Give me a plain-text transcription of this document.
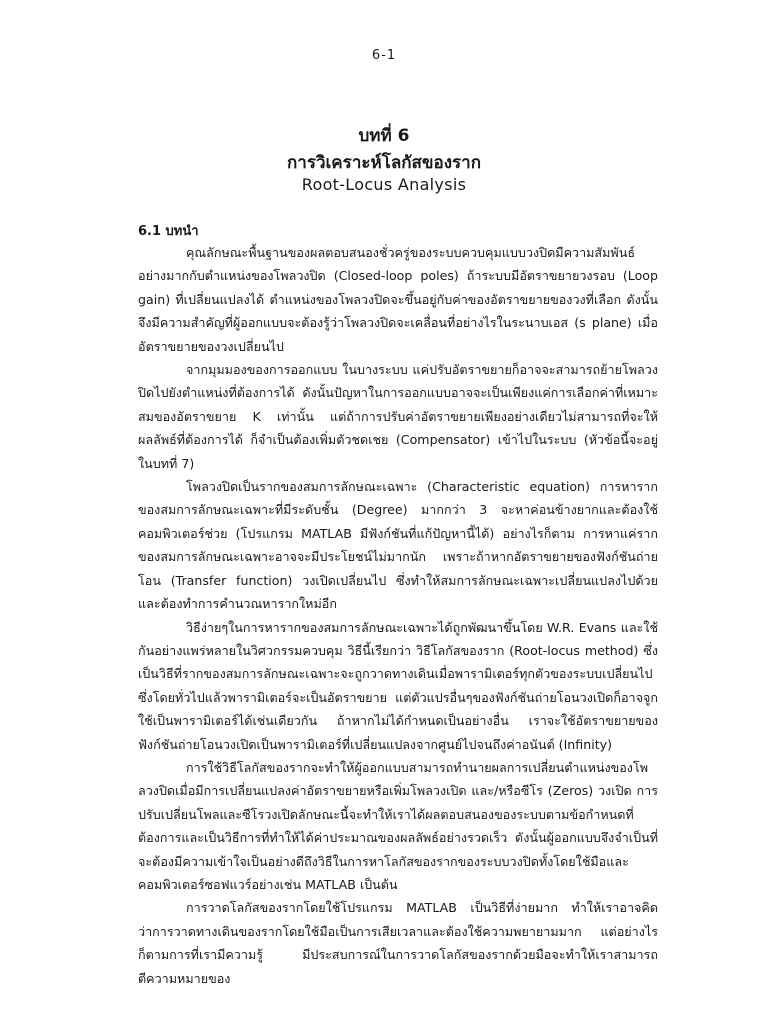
6-1
บทที่ 6
การวิเคราะห์โลกัสของราก
Root-Locus Analysis
6.1 บทนำ

คุณลักษณะพื้นฐานของผลตอบสนองชั่วครู่ของระบบควบคุมแบบวงปิดมีความสัมพันธ์อย่างมากกับตำแหน่งของโพลวงปิด (Closed-loop poles) ถ้าระบบมีอัตราขยายวงรอบ (Loop gain) ที่เปลี่ยนแปลงได้ ตำแหน่งของโพลวงปิดจะขึ้นอยู่กับค่าของอัตราขยายของวงที่เลือก ดังนั้นจึงมีความสำคัญที่ผู้ออกแบบจะต้องรู้ว่าโพลวงปิดจะเคลื่อนที่อย่างไรในระนาบเอส (s plane) เมื่ออัตราขยายของวงเปลี่ยนไป

จากมุมมองของการออกแบบ ในบางระบบ แค่ปรับอัตราขยายก็อาจจะสามารถย้ายโพลวงปิดไปยังตำแหน่งที่ต้องการได้ ดังนั้นปัญหาในการออกแบบอาจจะเป็นเพียงแค่การเลือกค่าที่เหมาะสมของอัตราขยาย K เท่านั้น แต่ถ้าการปรับค่าอัตราขยายเพียงอย่างเดียวไม่สามารถที่จะให้ผลลัพธ์ที่ต้องการได้ ก็จำเป็นต้องเพิ่มตัวชดเชย (Compensator) เข้าไปในระบบ (หัวข้อนี้จะอยู่ในบทที่ 7)

โพลวงปิดเป็นรากของสมการลักษณะเฉพาะ (Characteristic equation) การหารากของสมการลักษณะเฉพาะที่มีระดับชั้น (Degree) มากกว่า 3 จะหาค่อนข้างยากและต้องใช้คอมพิวเตอร์ช่วย (โปรแกรม MATLAB มีฟังก์ชันที่แก้ปัญหานี้ได้) อย่างไรก็ตาม การหาแค่รากของสมการลักษณะเฉพาะอาจจะมีประโยชน์ไม่มากนัก เพราะถ้าหากอัตราขยายของฟังก์ชันถ่ายโอน (Transfer function) วงเปิดเปลี่ยนไป ซึ่งทำให้สมการลักษณะเฉพาะเปลี่ยนแปลงไปด้วย และต้องทำการคำนวณหารากใหม่อีก

วิธีง่ายๆในการหารากของสมการลักษณะเฉพาะได้ถูกพัฒนาขึ้นโดย W.R. Evans และใช้กันอย่างแพร่หลายในวิศวกรรมควบคุม วิธีนี้เรียกว่า วิธีโลกัสของราก (Root-locus method) ซึ่งเป็นวิธีที่รากของสมการลักษณะเฉพาะจะถูกวาดทางเดินเมื่อพารามิเตอร์ทุกตัวของระบบเปลี่ยนไป ซึ่งโดยทั่วไปแล้วพารามิเตอร์จะเป็นอัตราขยาย แต่ตัวแปรอื่นๆของฟังก์ชันถ่ายโอนวงเปิดก็อาจจูกใช้เป็นพารามิเตอร์ได้เช่นเดียวกัน ถ้าหากไม่ได้กำหนดเป็นอย่างอื่น เราจะใช้อัตราขยายของฟังก์ชันถ่ายโอนวงเปิดเป็นพารามิเตอร์ที่เปลี่ยนแปลงจากศูนย์ไปจนถึงค่าอนันต์ (Infinity)

การใช้วิธีโลกัสของรากจะทำให้ผู้ออกแบบสามารถทำนายผลการเปลี่ยนตำแหน่งของโพลวงปิดเมื่อมีการเปลี่ยนแปลงค่าอัตราขยายหรือเพิ่มโพลวงเปิด และ/หรือซีโร (Zeros) วงเปิด การปรับเปลี่ยนโพลและซีโรวงเปิดลักษณะนี้จะทำให้เราได้ผลตอบสนองของระบบตามข้อกำหนดที่ต้องการและเป็นวิธีการที่ทำให้ได้ค่าประมาณของผลลัพธ์อย่างรวดเร็ว ดังนั้นผู้ออกแบบจึงจำเป็นที่จะต้องมีความเข้าใจเป็นอย่างดีถึงวิธีในการหาโลกัสของรากของระบบวงปิดทั้งโดยใช้มือและคอมพิวเตอร์ซอฟแวร์อย่างเช่น MATLAB เป็นต้น

การวาดโลกัสของรากโดยใช้โปรแกรม MATLAB เป็นวิธีที่ง่ายมาก ทำให้เราอาจคิดว่าการวาดทางเดินของรากโดยใช้มือเป็นการเสียเวลาและต้องใช้ความพยายามมาก แต่อย่างไรก็ตามการที่เรามีความรู้ มีประสบการณ์ในการวาดโลกัสของรากด้วยมือจะทำให้เราสามารถตีความหมายของ
